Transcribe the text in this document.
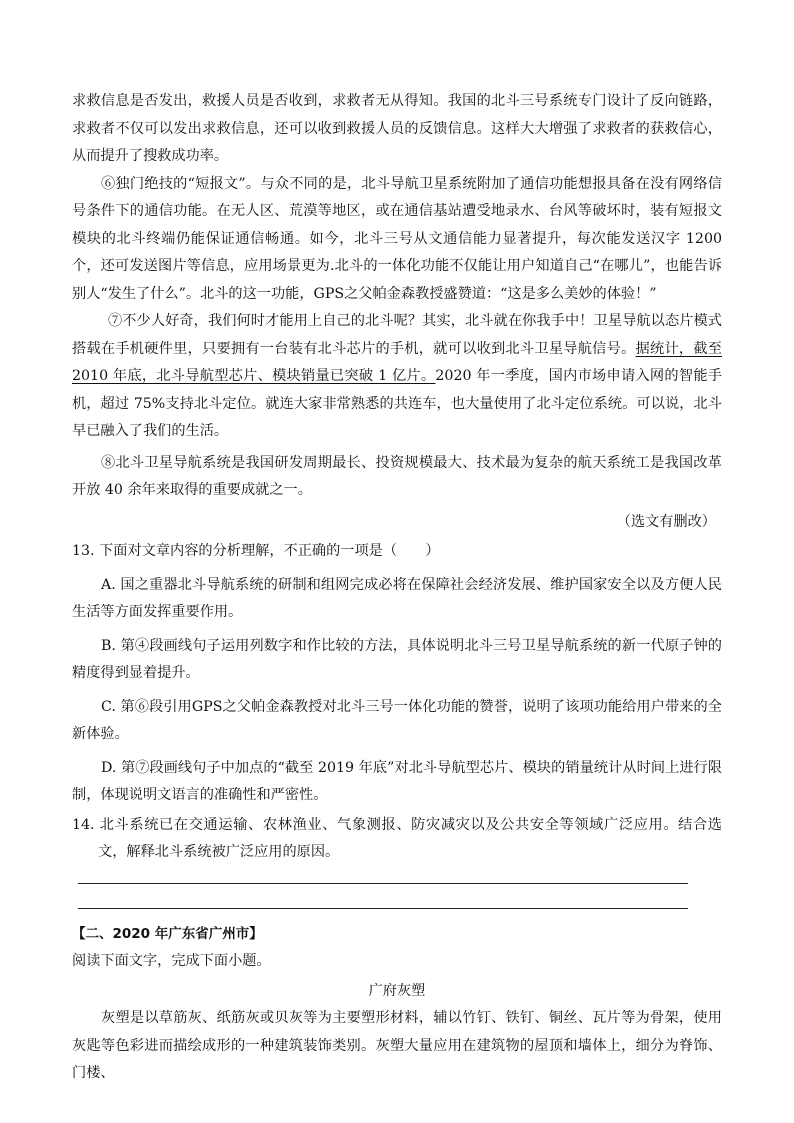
求救信息是否发出，救援人员是否收到，求救者无从得知。我国的北斗三号系统专门设计了反向链路，求救者不仅可以发出求救信息，还可以收到救援人员的反馈信息。这样大大增强了求救者的获救信心，从而提升了搜救成功率。

⑥独门绝技的“短报文”。与众不同的是，北斗导航卫星系统附加了通信功能想报具备在没有网络信号条件下的通信功能。在无人区、荒漠等地区，或在通信基站遭受地录水、台风等破坏时，装有短报文模块的北斗终端仍能保证通信畅通。如今，北斗三号从文通信能力显著提升，每次能发送汉字 1200 个，还可发送图片等信息，应用场景更为.北斗的一体化功能不仅能让用户知道自己“在哪儿”，也能告诉别人“发生了什么”。北斗的这一功能，GPS之父帕金森教授盛赞道：“这是多么美妙的体验！”

⑦不少人好奇，我们何时才能用上自己的北斗呢？其实，北斗就在你我手中！卫星导航以态片模式搭载在手机硬件里，只要拥有一台装有北斗芯片的手机，就可以收到北斗卫星导航信号。据统计，截至 2010 年底，北斗导航型芯片、模块销量已突破 1 亿片。2020 年一季度，国内市场申请入网的智能手机，超过 75%支持北斗定位。就连大家非常熟悉的共连车，也大量使用了北斗定位系统。可以说，北斗早已融入了我们的生活。

⑧北斗卫星导航系统是我国研发周期最长、投资规模最大、技术最为复杂的航天系统工是我国改革开放 40 余年来取得的重要成就之一。

（选文有删改）

13. 下面对文章内容的分析理解，不正确的一项是（　　）

A. 国之重器北斗导航系统的研制和组网完成必将在保障社会经济发展、维护国家安全以及方便人民生活等方面发挥重要作用。

B. 第④段画线句子运用列数字和作比较的方法，具体说明北斗三号卫星导航系统的新一代原子钟的精度得到显着提升。

C. 第⑥段引用GPS之父帕金森教授对北斗三号一体化功能的赞誉，说明了该项功能给用户带来的全新体验。

D. 第⑦段画线句子中加点的“截至 2019 年底”对北斗导航型芯片、模块的销量统计从时间上进行限制，体现说明文语言的准确性和严密性。

14. 北斗系统已在交通运输、农林渔业、气象测报、防灾减灾以及公共安全等领域广泛应用。结合选文，解释北斗系统被广泛应用的原因。

【二、2020 年广东省广州市】

阅读下面文字，完成下面小题。

广府灰塑

灰塑是以草筋灰、纸筋灰或贝灰等为主要塑形材料，辅以竹钉、铁钉、铜丝、瓦片等为骨架，使用灰匙等色彩进而描绘成形的一种建筑装饰类别。灰塑大量应用在建筑物的屋顶和墙体上，细分为脊饰、门楼、
